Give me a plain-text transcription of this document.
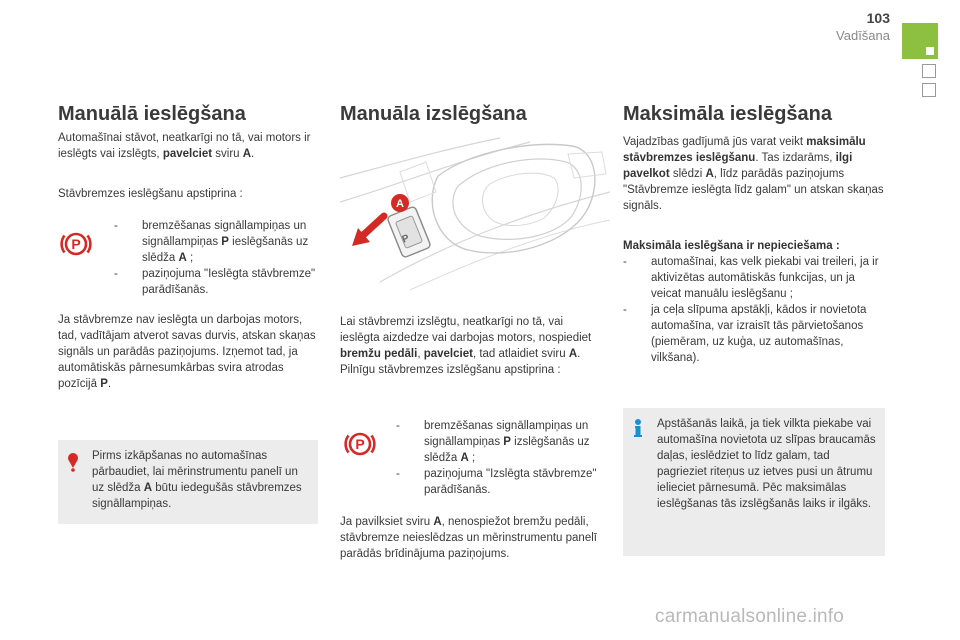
103
Vadīšana
Manuālā ieslēgšana
Automašīnai stāvot, neatkarīgi no tā, vai motors ir ieslēgts vai izslēgts, pavelciet sviru A.
Stāvbremzes ieslēgšanu apstiprina :
P
- bremzēšanas signāllampiņas un signāllampiņas P ieslēgšanās uz slēdža A ;
- paziņojuma "Ieslēgta stāvbremze" parādīšanās.
Ja stāvbremze nav ieslēgta un darbojas motors, tad, vadītājam atverot savas durvis, atskan skaņas signāls un parādās paziņojums. Izņemot tad, ja automātiskās pārnesumkārbas svira atrodas pozīcijā P.
Pirms izkāpšanas no automašīnas pārbaudiet, lai mērinstrumentu panelī un uz slēdža A būtu iedegušās stāvbremzes signāllampiņas.
Manuāla izslēgšana
P
A
Lai stāvbremzi izslēgtu, neatkarīgi no tā, vai ieslēgta aizdedze vai darbojas motors, nospiediet bremžu pedāli, pavelciet, tad atlaidiet sviru A.
Pilnīgu stāvbremzes izslēgšanu apstiprina :
P
- bremzēšanas signāllampiņas un signāllampiņas P izslēgšanās uz slēdža A ;
- paziņojuma "Izslēgta stāvbremze" parādīšanās.
Ja pavilksiet sviru A, nenospiežot bremžu pedāli, stāvbremze neieslēdzas un mērinstrumentu panelī parādās brīdinājuma paziņojums.
Maksimāla ieslēgšana
Vajadzības gadījumā jūs varat veikt maksimālu stāvbremzes ieslēgšanu. Tas izdarāms, ilgi pavelkot slēdzi A, līdz parādās paziņojums "Stāvbremze ieslēgta līdz galam" un atskan skaņas signāls.
Maksimāla ieslēgšana ir nepieciešama :
- automašīnai, kas velk piekabi vai treileri, ja ir aktivizētas automātiskās funkcijas, un ja veicat manuālu ieslēgšanu ;
- ja ceļa slīpuma apstākļi, kādos ir novietota automašīna, var izraisīt tās pārvietošanos (piemēram, uz kuģa, uz automašīnas, vilkšana).
Apstāšanās laikā, ja tiek vilkta piekabe vai automašīna novietota uz slīpas braucamās daļas, ieslēdziet to līdz galam, tad pagrieziet riteņus uz ietves pusi un ātrumu ielieciet pārnesumā. Pēc maksimālas ieslēgšanas tās izslēgšanās laiks ir ilgāks.
carmanualsonline.info
